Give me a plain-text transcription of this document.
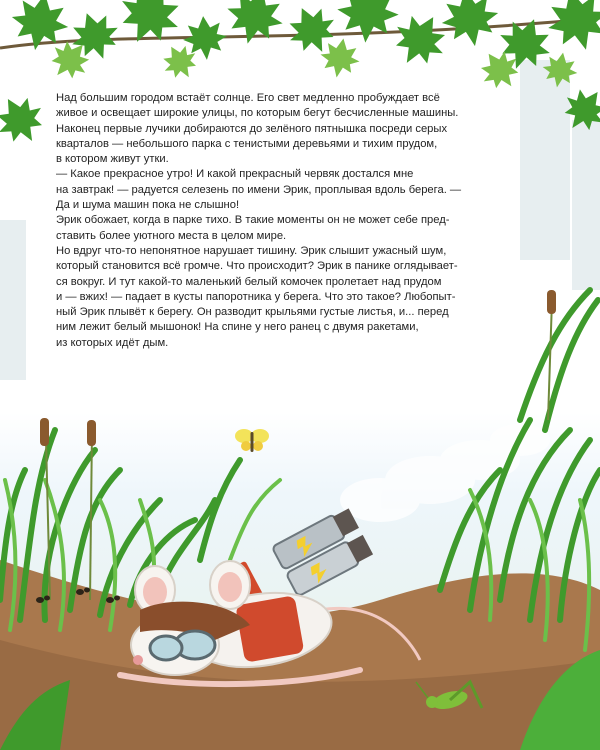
Над большим городом встаёт солнце. Его свет медленно пробуждает всё

живое и освещает широкие улицы, по которым бегут бесчисленные машины.

Наконец первые лучики добираются до зелёного пятнышка посреди серых

кварталов — небольшого парка с тенистыми деревьями и тихим прудом,

в котором живут утки.

— Какое прекрасное утро! И какой прекрасный червяк достался мне

на завтрак! — радуется селезень по имени Эрик, проплывая вдоль берега. —

Да и шума машин пока не слышно!

Эрик обожает, когда в парке тихо. В такие моменты он не может себе пред-

ставить более уютного места в целом мире.

Но вдруг что-то непонятное нарушает тишину. Эрик слышит ужасный шум,

который становится всё громче. Что происходит? Эрик в панике оглядывает-

ся вокруг. И тут какой-то маленький белый комочек пролетает над прудом

и — вжих! — падает в кусты папоротника у берега. Что это такое? Любопыт-

ный Эрик плывёт к берегу. Он разводит крыльями густые листья, и... перед

ним лежит белый мышонок! На спине у него ранец с двумя ракетами,

из которых идёт дым.
